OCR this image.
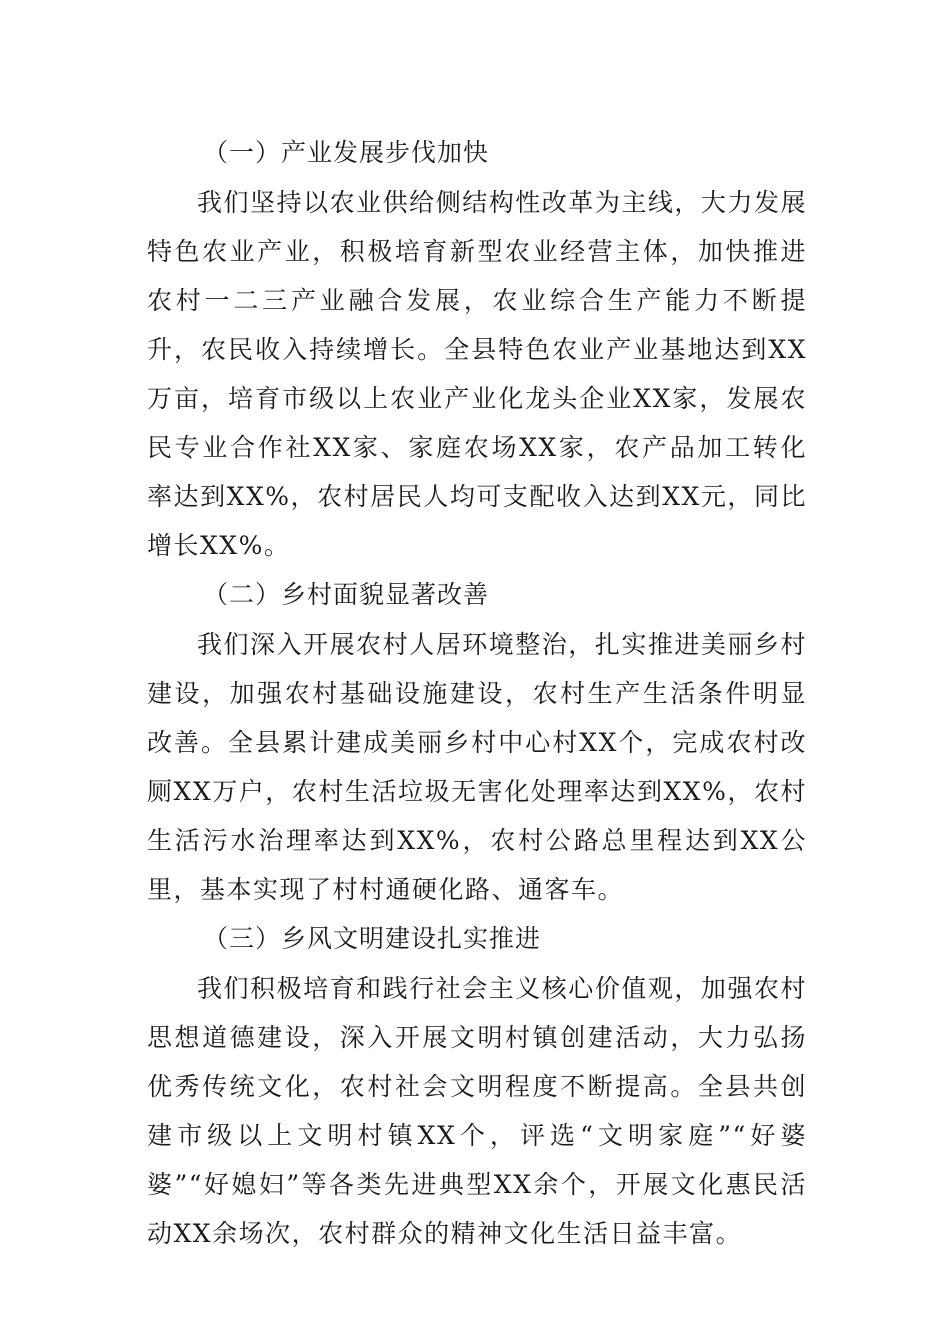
（一）产业发展步伐加快

我们坚持以农业供给侧结构性改革为主线，大力发展特色农业产业，积极培育新型农业经营主体，加快推进农村一二三产业融合发展，农业综合生产能力不断提升，农民收入持续增长。全县特色农业产业基地达到XX万亩，培育市级以上农业产业化龙头企业XX家，发展农民专业合作社XX家、家庭农场XX家，农产品加工转化率达到XX%，农村居民人均可支配收入达到XX元，同比增长XX%。

（二）乡村面貌显著改善

我们深入开展农村人居环境整治，扎实推进美丽乡村建设，加强农村基础设施建设，农村生产生活条件明显改善。全县累计建成美丽乡村中心村XX个，完成农村改厕XX万户，农村生活垃圾无害化处理率达到XX%，农村生活污水治理率达到XX%，农村公路总里程达到XX公里，基本实现了村村通硬化路、通客车。

（三）乡风文明建设扎实推进

我们积极培育和践行社会主义核心价值观，加强农村思想道德建设，深入开展文明村镇创建活动，大力弘扬优秀传统文化，农村社会文明程度不断提高。全县共创建市级以上文明村镇XX个，评选“文明家庭”“好婆婆”“好媳妇”等各类先进典型XX余个，开展文化惠民活动XX余场次，农村群众的精神文化生活日益丰富。
